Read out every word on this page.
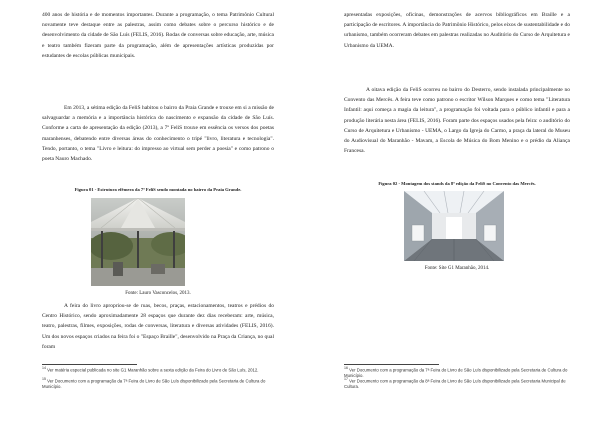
400 anos de história e de momentos importantes. Durante a programação, o tema Patrimônio Cultural novamente teve destaque entre as palestras, assim como debates sobre o percurso histórico e de desenvolvimento da cidade de São Luís (FELIS, 2016). Rodas de conversas sobre educação, arte, música e teatro também fizeram parte da programação, além de apresentações artísticas produzidas por estudantes de escolas públicas municipais.

Em 2013, a sétima edição da FeliS habitou o bairro da Praia Grande e trouxe em si a missão de salvaguardar a memória e a importância histórica do nascimento e expansão da cidade de São Luís. Conforme a carta de apresentação da edição (2013), a 7ª FeliS trouxe em essência os versos dos poetas maranhenses, debatendo entre diversas áreas do conhecimento o tripé "livro, literatura e tecnologia". Tendo, portanto, o tema "Livro e leitura: do impresso ao virtual sem perder a poesia" e como patrono o poeta Nauro Machado.

Figura 01 - Estrutura efêmera da 7ª FeliS sendo montada no bairro da Praia Grande.

Fonte: Lauro Vasconcelos, 2013.

A feira do livro apropriou-se de ruas, becos, praças, estacionamentos, teatros e prédios do Centro Histórico, sendo aproximadamente 28 espaços que durante dez dias receberam: arte, música, teatro, palestras, filmes, exposições, rodas de conversas, literatura e diversas atividades (FELIS, 2016). Um dos novos espaços criados na feira foi o "Espaço Braille", desenvolvido na Praça da Criança, no qual foram

$^{14}$ Ver matéria especial publicada no site G1 Maranhão sobre a sexta edição da Feira do Livro de São Luís, 2012.

$^{15}$ Ver Documento com a programação da 7ª Feira do Livro de São Luís disponibilizado pela Secretaria de Cultura do Município.

apresentadas exposições, oficinas, demonstrações de acervos bibliográficos em Braille e a participação de escritores. A importância do Patrimônio Histórico, pelos eixos de sustentabilidade e do urbanismo, também ocorreram debates em palestras realizadas no Auditório do Curso de Arquitetura e Urbanismo da UEMA.

A oitava edição da FeliS ocorreu no bairro do Desterro, sendo instalada principalmente no Convento das Mercês. A feira teve como patrono o escritor Wilson Marques e como tema "Literatura Infantil: aqui começa a magia da leitura", a programação foi voltada para o público infantil e para a produção literária nesta área (FELIS, 2016). Foram parte dos espaços usados pela feira: o auditório do Curso de Arquitetura e Urbanismo - UEMA, o Largo da Igreja do Carmo, a praça da lateral do Museu do Audiovisual do Maranhão - Mavam, a Escola de Música do Bom Menino e o prédio da Aliança Francesa.

Figura 02 - Montagem dos stands da 8ª edição da FeliS no Convento das Mercês.

Fonte: Site G1 Maranhão, 2014.

$^{16}$ Ver Documento com a programação da 7ª Feira do Livro de São Luís disponibilizado pela Secretaria de Cultura do Município.

$^{17}$ Ver Documento com a programação da 8ª Feira do Livro de São Luís disponibilizado pela Secretaria Municipal de Cultura.
